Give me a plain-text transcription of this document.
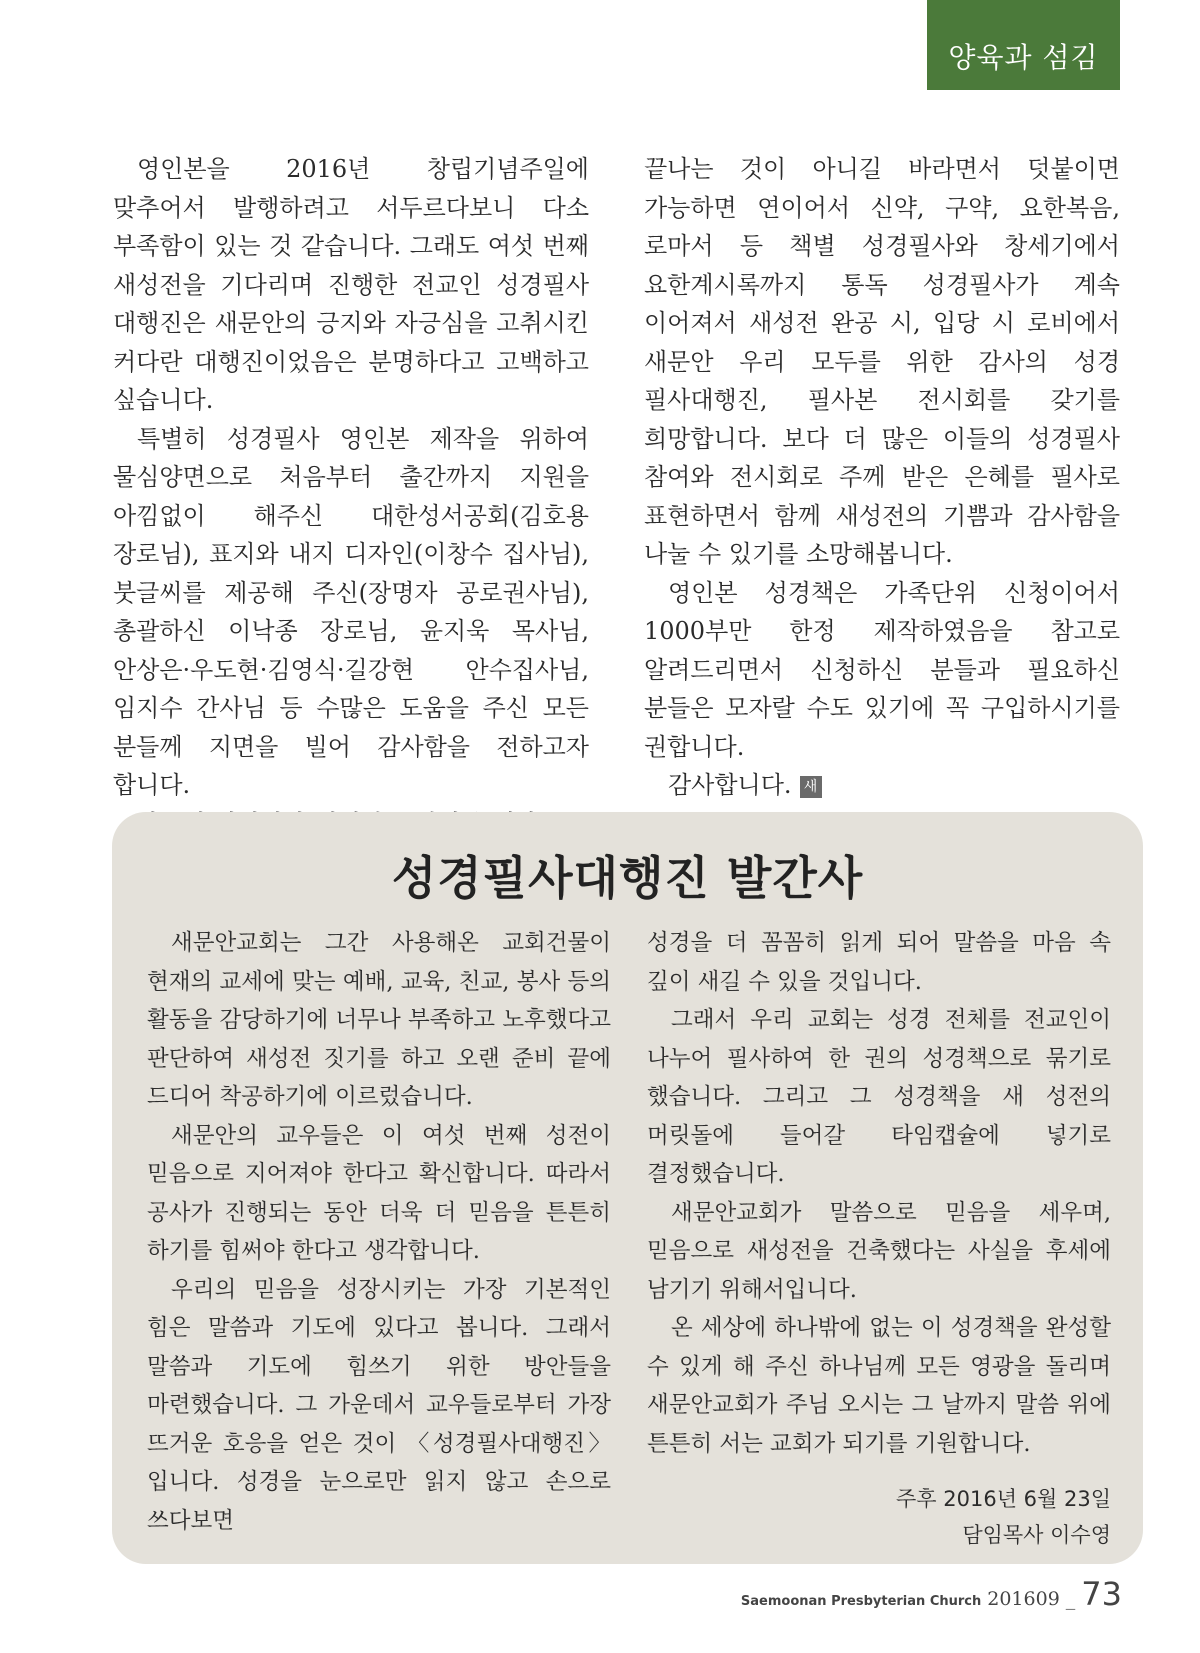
양육과 섬김

영인본을 2016년 창립기념주일에 맞추어서 발행하려고 서두르다보니 다소 부족함이 있는 것 같습니다. 그래도 여섯 번째 새성전을 기다리며 진행한 전교인 성경필사 대행진은 새문안의 긍지와 자긍심을 고취시킨 커다란 대행진이었음은 분명하다고 고백하고 싶습니다.

특별히 성경필사 영인본 제작을 위하여 물심양면으로 처음부터 출간까지 지원을 아낌없이 해주신 대한성서공회(김호용 장로님), 표지와 내지 디자인(이창수 집사님), 붓글씨를 제공해 주신(장명자 공로권사님), 총괄하신 이낙종 장로님, 윤지욱 목사님, 안상은·우도현·김영식·길강현 안수집사님, 임지수 간사님 등 수많은 도움을 주신 모든 분들께 지면을 빌어 감사함을 전하고자 합니다.

끝나는 것이 아니길 바라면서 덧붙이면 가능하면 연이어서 신약, 구약, 요한복음, 로마서 등 책별 성경필사와 창세기에서 요한계시록까지 통독 성경필사가 계속 이어져서 새성전 완공 시, 입당 시 로비에서 새문안 우리 모두를 위한 감사의 성경 필사대행진, 필사본 전시회를 갖기를 희망합니다. 보다 더 많은 이들의 성경필사 참여와 전시회로 주께 받은 은혜를 필사로 표현하면서 함께 새성전의 기쁨과 감사함을 나눌 수 있기를 소망해봅니다.

영인본 성경책은 가족단위 신청이어서 1000부만 한정 제작하였음을 참고로 알려드리면서 신청하신 분들과 필요하신 분들은 모자랄 수도 있기에 꼭 구입하시기를 권합니다.

감사합니다. 새

성경필사대행진 발간사

새문안교회는 그간 사용해온 교회건물이 현재의 교세에 맞는 예배, 교육, 친교, 봉사 등의 활동을 감당하기에 너무나 부족하고 노후했다고 판단하여 새성전 짓기를 하고 오랜 준비 끝에 드디어 착공하기에 이르렀습니다.

새문안의 교우들은 이 여섯 번째 성전이 믿음으로 지어져야 한다고 확신합니다. 따라서 공사가 진행되는 동안 더욱 더 믿음을 튼튼히 하기를 힘써야 한다고 생각합니다.

우리의 믿음을 성장시키는 가장 기본적인 힘은 말씀과 기도에 있다고 봅니다. 그래서 말씀과 기도에 힘쓰기 위한 방안들을 마련했습니다. 그 가운데서 교우들로부터 가장 뜨거운 호응을 얻은 것이 〈성경필사대행진〉입니다. 성경을 눈으로만 읽지 않고 손으로 쓰다보면

성경을 더 꼼꼼히 읽게 되어 말씀을 마음 속 깊이 새길 수 있을 것입니다.

그래서 우리 교회는 성경 전체를 전교인이 나누어 필사하여 한 권의 성경책으로 묶기로 했습니다. 그리고 그 성경책을 새 성전의 머릿돌에 들어갈 타임캡슐에 넣기로 결정했습니다.

새문안교회가 말씀으로 믿음을 세우며, 믿음으로 새성전을 건축했다는 사실을 후세에 남기기 위해서입니다.

온 세상에 하나밖에 없는 이 성경책을 완성할 수 있게 해 주신 하나님께 모든 영광을 돌리며 새문안교회가 주님 오시는 그 날까지 말씀 위에 튼튼히 서는 교회가 되기를 기원합니다.

주후 2016년 6월 23일
담임목사 이수영
Saemoonan Presbyterian Church 201609 _ 73
